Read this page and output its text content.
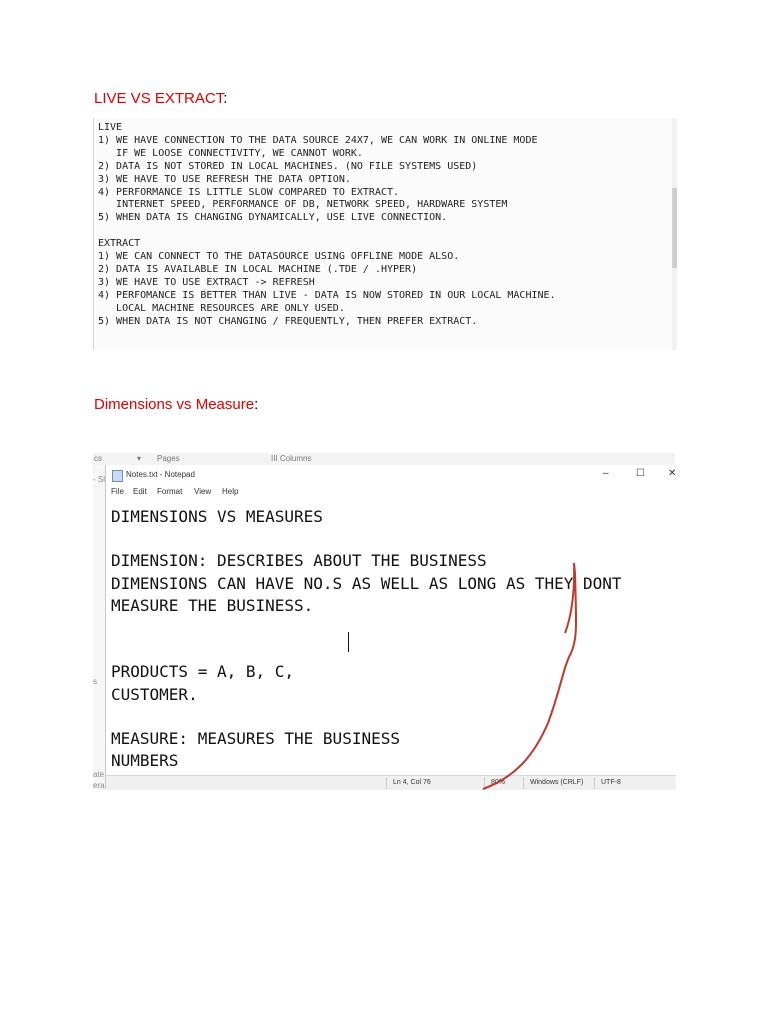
LIVE VS EXTRACT:
LIVE
1) WE HAVE CONNECTION TO THE DATA SOURCE 24X7, WE CAN WORK IN ONLINE MODE
IF WE LOOSE CONNECTIVITY, WE CANNOT WORK.
2) DATA IS NOT STORED IN LOCAL MACHINES. (NO FILE SYSTEMS USED)
3) WE HAVE TO USE REFRESH THE DATA OPTION.
4) PERFORMANCE IS LITTLE SLOW COMPARED TO EXTRACT.
INTERNET SPEED, PERFORMANCE OF DB, NETWORK SPEED, HARDWARE SYSTEM
5) WHEN DATA IS CHANGING DYNAMICALLY, USE LIVE CONNECTION.

EXTRACT
1) WE CAN CONNECT TO THE DATASOURCE USING OFFLINE MODE ALSO.
2) DATA IS AVAILABLE IN LOCAL MACHINE (.TDE / .HYPER)
3) WE HAVE TO USE EXTRACT -> REFRESH
4) PERFOMANCE IS BETTER THAN LIVE - DATA IS NOW STORED IN OUR LOCAL MACHINE.
LOCAL MACHINE RESOURCES ARE ONLY USED.
5) WHEN DATA IS NOT CHANGING / FREQUENTLY, THEN PREFER EXTRACT.
Dimensions vs Measure:
cs	▾ Pages	III Columns
- Sl
s
ate
era
Notes.txt - Notepad	–	☐ ✕
File Edit Format View Help
DIMENSIONS VS MEASURES
DIMENSION: DESCRIBES ABOUT THE BUSINESS
DIMENSIONS CAN HAVE NO.S AS WELL AS LONG AS THEY DONT
MEASURE THE BUSINESS.
PRODUCTS = A, B, C,
CUSTOMER.
MEASURE: MEASURES THE BUSINESS
NUMBERS
Ln 4, Col 76	80%	Windows (CRLF)	UTF-8
